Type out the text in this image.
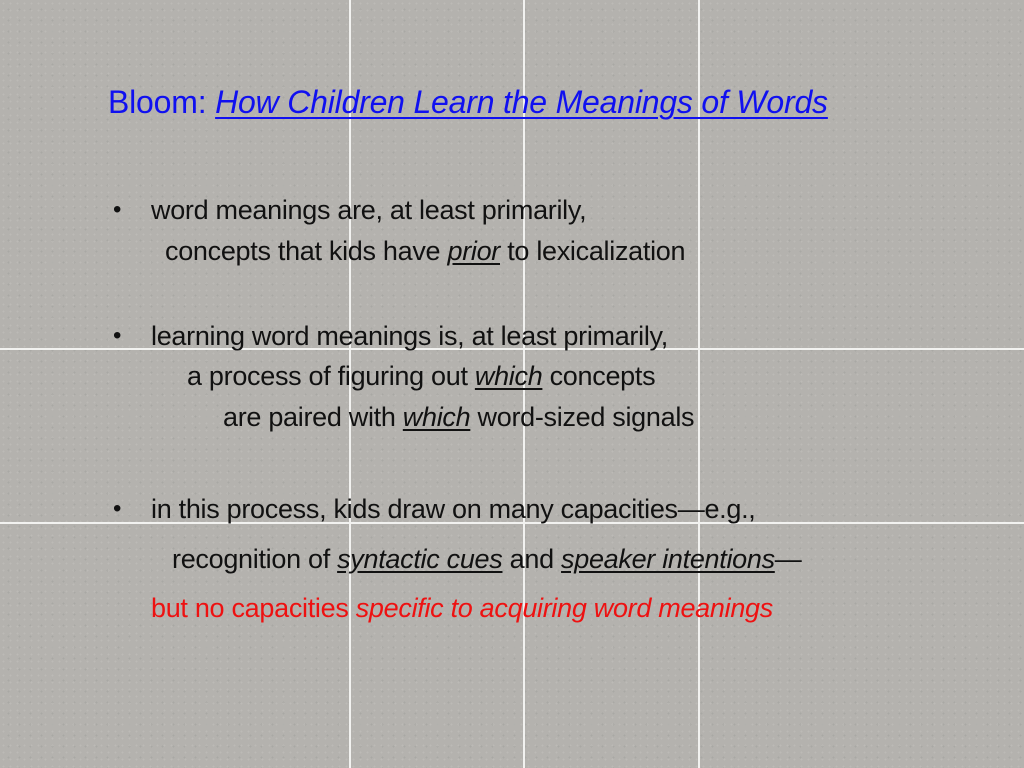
Bloom: How Children Learn the Meanings of Words
• word meanings are, at least primarily,
concepts that kids have prior to lexicalization
• learning word meanings is, at least primarily,
a process of figuring out which concepts
are paired with which word-sized signals
• in this process, kids draw on many capacities—e.g.,
recognition of syntactic cues and speaker intentions—
but no capacities specific to acquiring word meanings
